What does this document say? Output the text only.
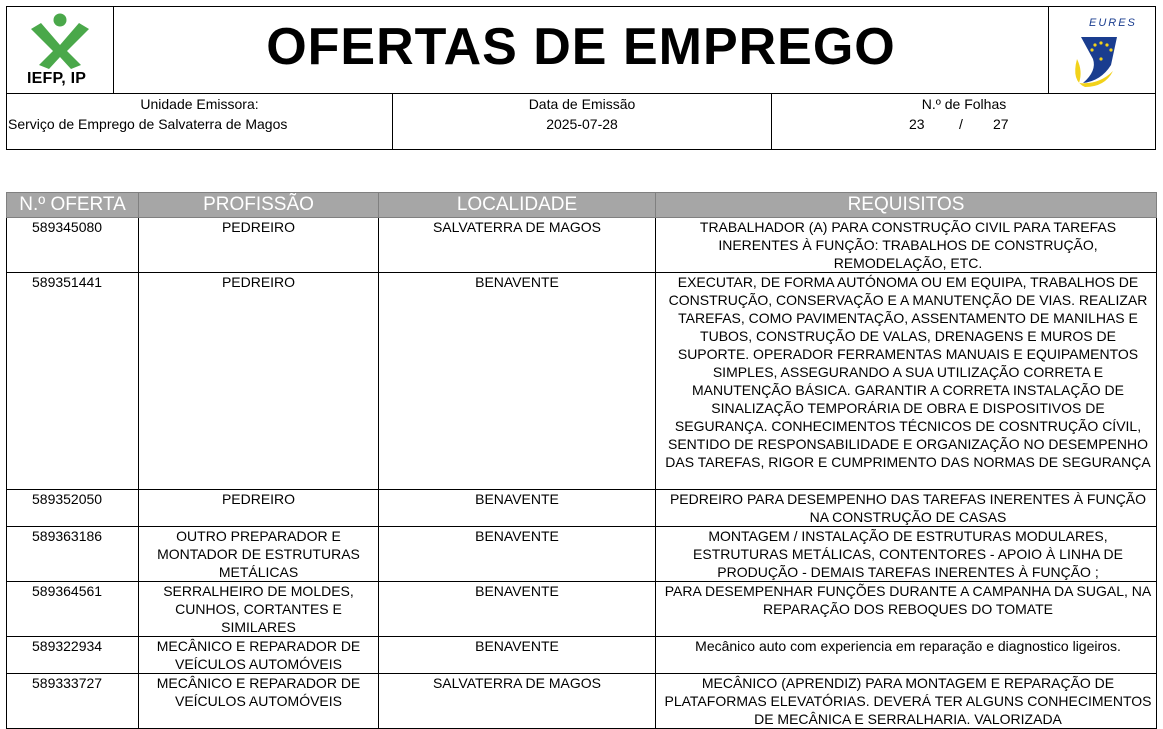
IEFP, IP
OFERTAS DE EMPREGO	EURES
Unidade Emissora:
Serviço de Emprego de Salvaterra de Magos
Data de Emissão
2025-07-28
N.º de Folhas
23 / 27
N.º OFERTA	PROFISSÃO	LOCALIDADE	REQUISITOS
589345080	PEDREIRO	SALVATERRA DE MAGOS	TRABALHADOR (A) PARA CONSTRUÇÃO CIVIL PARA TAREFAS INERENTES À FUNÇÃO: TRABALHOS DE CONSTRUÇÃO, REMODELAÇÃO, ETC.
589351441	PEDREIRO	BENAVENTE	EXECUTAR, DE FORMA AUTÓNOMA OU EM EQUIPA, TRABALHOS DE CONSTRUÇÃO, CONSERVAÇÃO E A MANUTENÇÃO DE VIAS. REALIZAR TAREFAS, COMO PAVIMENTAÇÃO, ASSENTAMENTO DE MANILHAS E TUBOS, CONSTRUÇÃO DE VALAS, DRENAGENS E MUROS DE SUPORTE. OPERADOR FERRAMENTAS MANUAIS E EQUIPAMENTOS SIMPLES, ASSEGURANDO A SUA UTILIZAÇÃO CORRETA E MANUTENÇÃO BÁSICA. GARANTIR A CORRETA INSTALAÇÃO DE SINALIZAÇÃO TEMPORÁRIA DE OBRA E DISPOSITIVOS DE SEGURANÇA. CONHECIMENTOS TÉCNICOS DE COSNTRUÇÃO CÍVIL, SENTIDO DE RESPONSABILIDADE E ORGANIZAÇÃO NO DESEMPENHO DAS TAREFAS, RIGOR E CUMPRIMENTO DAS NORMAS DE SEGURANÇA
589352050	PEDREIRO	BENAVENTE	PEDREIRO PARA DESEMPENHO DAS TAREFAS INERENTES À FUNÇÃO NA CONSTRUÇÃO DE CASAS
589363186	OUTRO PREPARADOR E MONTADOR DE ESTRUTURAS METÁLICAS	BENAVENTE	MONTAGEM / INSTALAÇÃO DE ESTRUTURAS MODULARES, ESTRUTURAS METÁLICAS, CONTENTORES - APOIO À LINHA DE PRODUÇÃO - DEMAIS TAREFAS INERENTES À FUNÇÃO ;
589364561	SERRALHEIRO DE MOLDES, CUNHOS, CORTANTES E SIMILARES	BENAVENTE	PARA DESEMPENHAR FUNÇÕES DURANTE A CAMPANHA DA SUGAL, NA REPARAÇÃO DOS REBOQUES DO TOMATE
589322934	MECÂNICO E REPARADOR DE VEÍCULOS AUTOMÓVEIS	BENAVENTE	Mecânico auto com experiencia em reparação e diagnostico ligeiros.
589333727	MECÂNICO E REPARADOR DE VEÍCULOS AUTOMÓVEIS	SALVATERRA DE MAGOS	MECÂNICO (APRENDIZ) PARA MONTAGEM E REPARAÇÃO DE PLATAFORMAS ELEVATÓRIAS. DEVERÁ TER ALGUNS CONHECIMENTOS DE MECÂNICA E SERRALHARIA. VALORIZADA
